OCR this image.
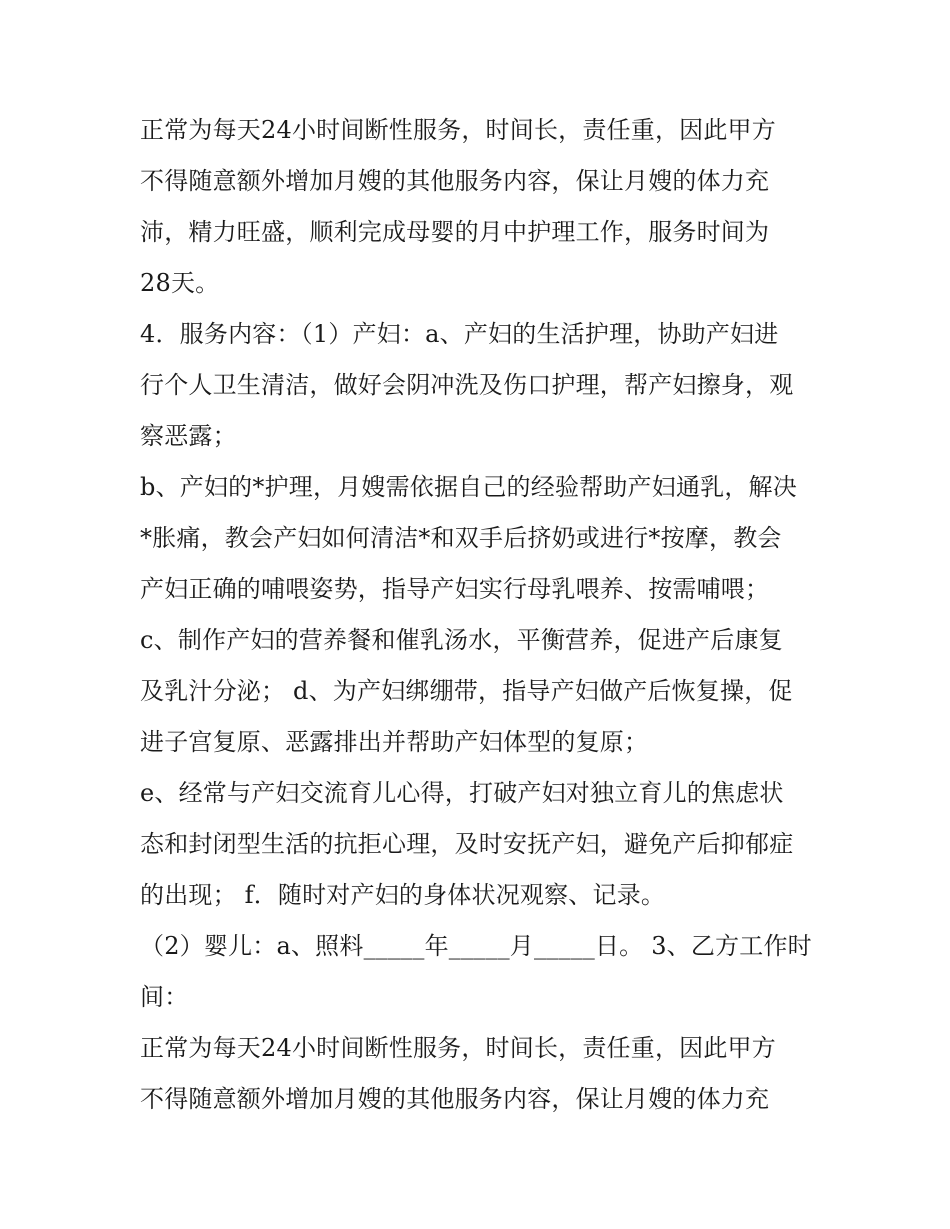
正常为每天24小时间断性服务，时间长，责任重，因此甲方

不得随意额外增加月嫂的其他服务内容，保让月嫂的体力充

沛，精力旺盛，顺利完成母婴的月中护理工作，服务时间为

28天。

4．服务内容：（1）产妇：a、产妇的生活护理，协助产妇进

行个人卫生清洁，做好会阴冲洗及伤口护理，帮产妇擦身，观

察恶露；

b、产妇的*护理，月嫂需依据自己的经验帮助产妇通乳，解决

*胀痛，教会产妇如何清洁*和双手后挤奶或进行*按摩，教会

产妇正确的哺喂姿势，指导产妇实行母乳喂养、按需哺喂；

c、制作产妇的营养餐和催乳汤水，平衡营养，促进产后康复

及乳汁分泌； d、为产妇绑绷带，指导产妇做产后恢复操，促

进子宫复原、恶露排出并帮助产妇体型的复原；

e、经常与产妇交流育儿心得，打破产妇对独立育儿的焦虑状

态和封闭型生活的抗拒心理，及时安抚产妇，避免产后抑郁症

的出现； f．随时对产妇的身体状况观察、记录。

（2）婴儿：a、照料_____年_____月_____日。 3、乙方工作时

间：

正常为每天24小时间断性服务，时间长，责任重，因此甲方

不得随意额外增加月嫂的其他服务内容，保让月嫂的体力充
